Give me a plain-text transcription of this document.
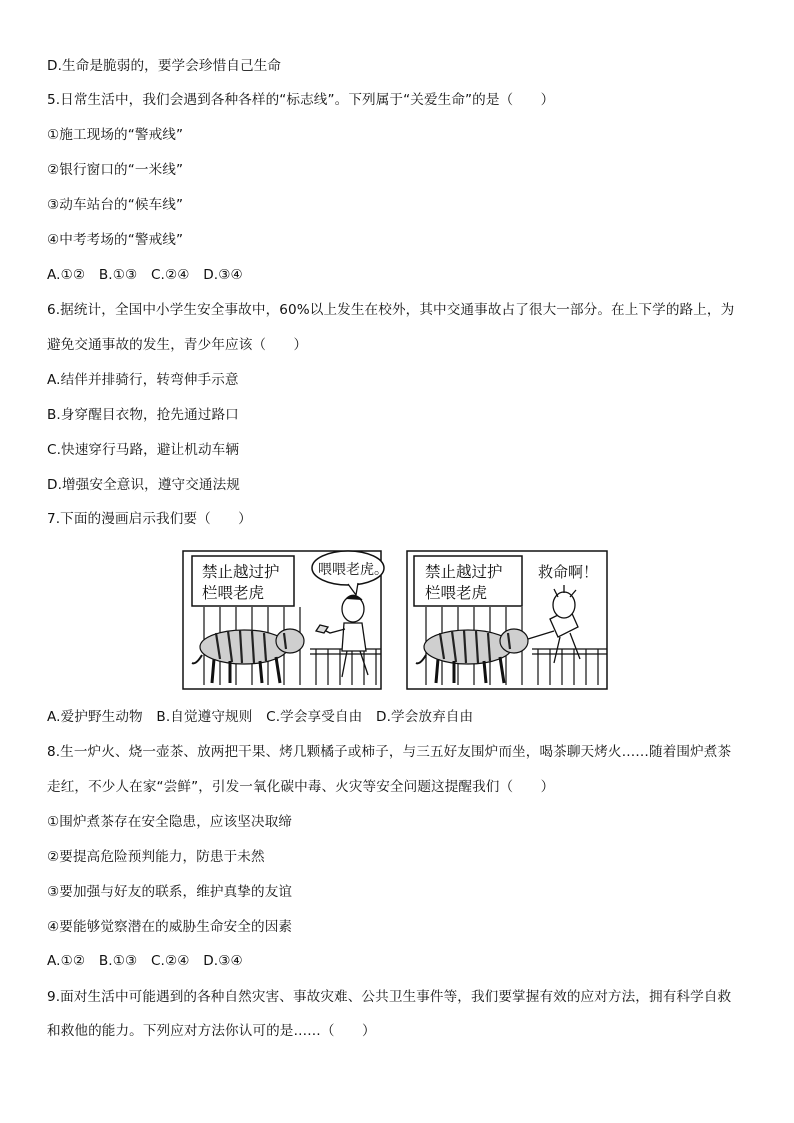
D.生命是脆弱的，要学会珍惜自己生命
5.日常生活中，我们会遇到各种各样的“标志线”。下列属于“关爱生命”的是（　　）
①施工现场的“警戒线”
②银行窗口的“一米线”
③动车站台的“候车线”
④中考考场的“警戒线”
A.①②　B.①③　C.②④　D.③④
6.据统计，全国中小学生安全事故中，60%以上发生在校外，其中交通事故占了很大一部分。在上下学的路上，为
避免交通事故的发生，青少年应该（　　）
A.结伴并排骑行，转弯伸手示意
B.身穿醒目衣物，抢先通过路口
C.快速穿行马路，避让机动车辆
D.增强安全意识，遵守交通法规
7.下面的漫画启示我们要（　　）
禁止越过护
栏喂老虎
喂喂老虎。 禁止越过护
栏喂老虎
救命啊！
A.爱护野生动物　B.自觉遵守规则　C.学会享受自由　D.学会放弃自由
8.生一炉火、烧一壶茶、放两把干果、烤几颗橘子或柿子，与三五好友围炉而坐，喝茶聊天烤火……随着围炉煮茶
走红，不少人在家“尝鲜”，引发一氧化碳中毒、火灾等安全问题这提醒我们（　　）
①围炉煮茶存在安全隐患，应该坚决取缔
②要提高危险预判能力，防患于未然
③要加强与好友的联系，维护真挚的友谊
④要能够觉察潜在的威胁生命安全的因素
A.①②　B.①③　C.②④　D.③④
9.面对生活中可能遇到的各种自然灾害、事故灾难、公共卫生事件等，我们要掌握有效的应对方法，拥有科学自救
和救他的能力。下列应对方法你认可的是……（　　）
